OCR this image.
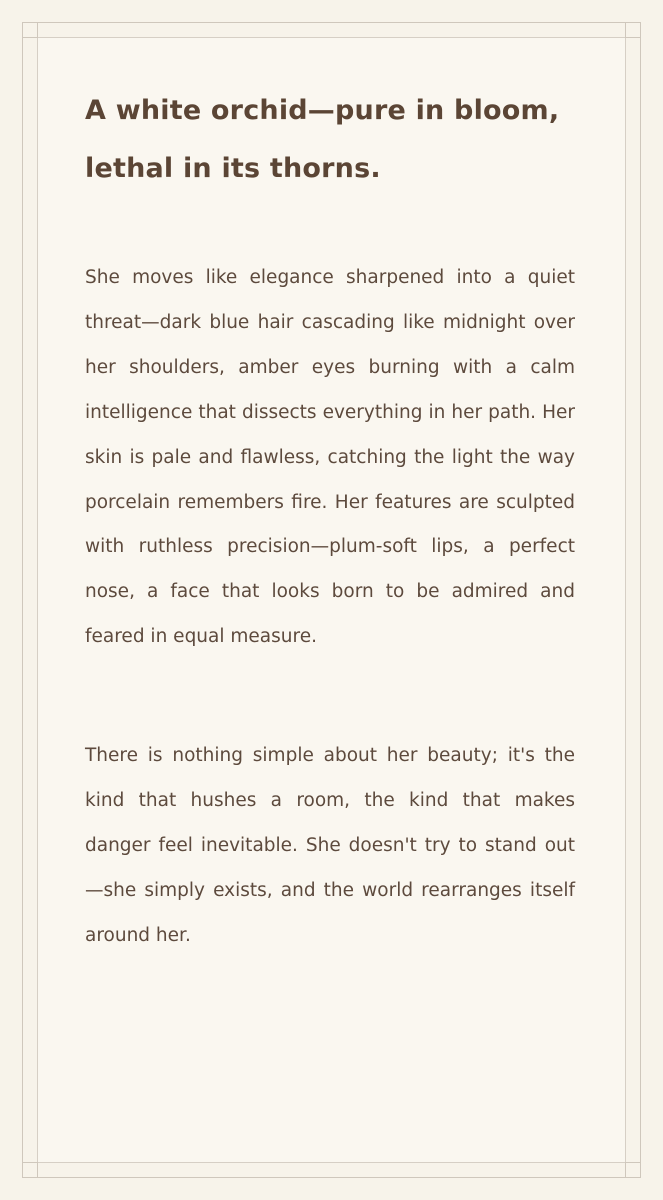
A white orchid—pure in bloom, lethal in its thorns.

She moves like elegance sharpened into a quiet threat—dark blue hair cascading like midnight over her shoulders, amber eyes burning with a calm intelligence that dissects everything in her path. Her skin is pale and flawless, catching the light the way porcelain remembers fire. Her features are sculpted with ruthless precision—plum-soft lips, a perfect nose, a face that looks born to be admired and feared in equal measure.

There is nothing simple about her beauty; it's the kind that hushes a room, the kind that makes danger feel inevitable. She doesn't try to stand out—she simply exists, and the world rearranges itself around her.
